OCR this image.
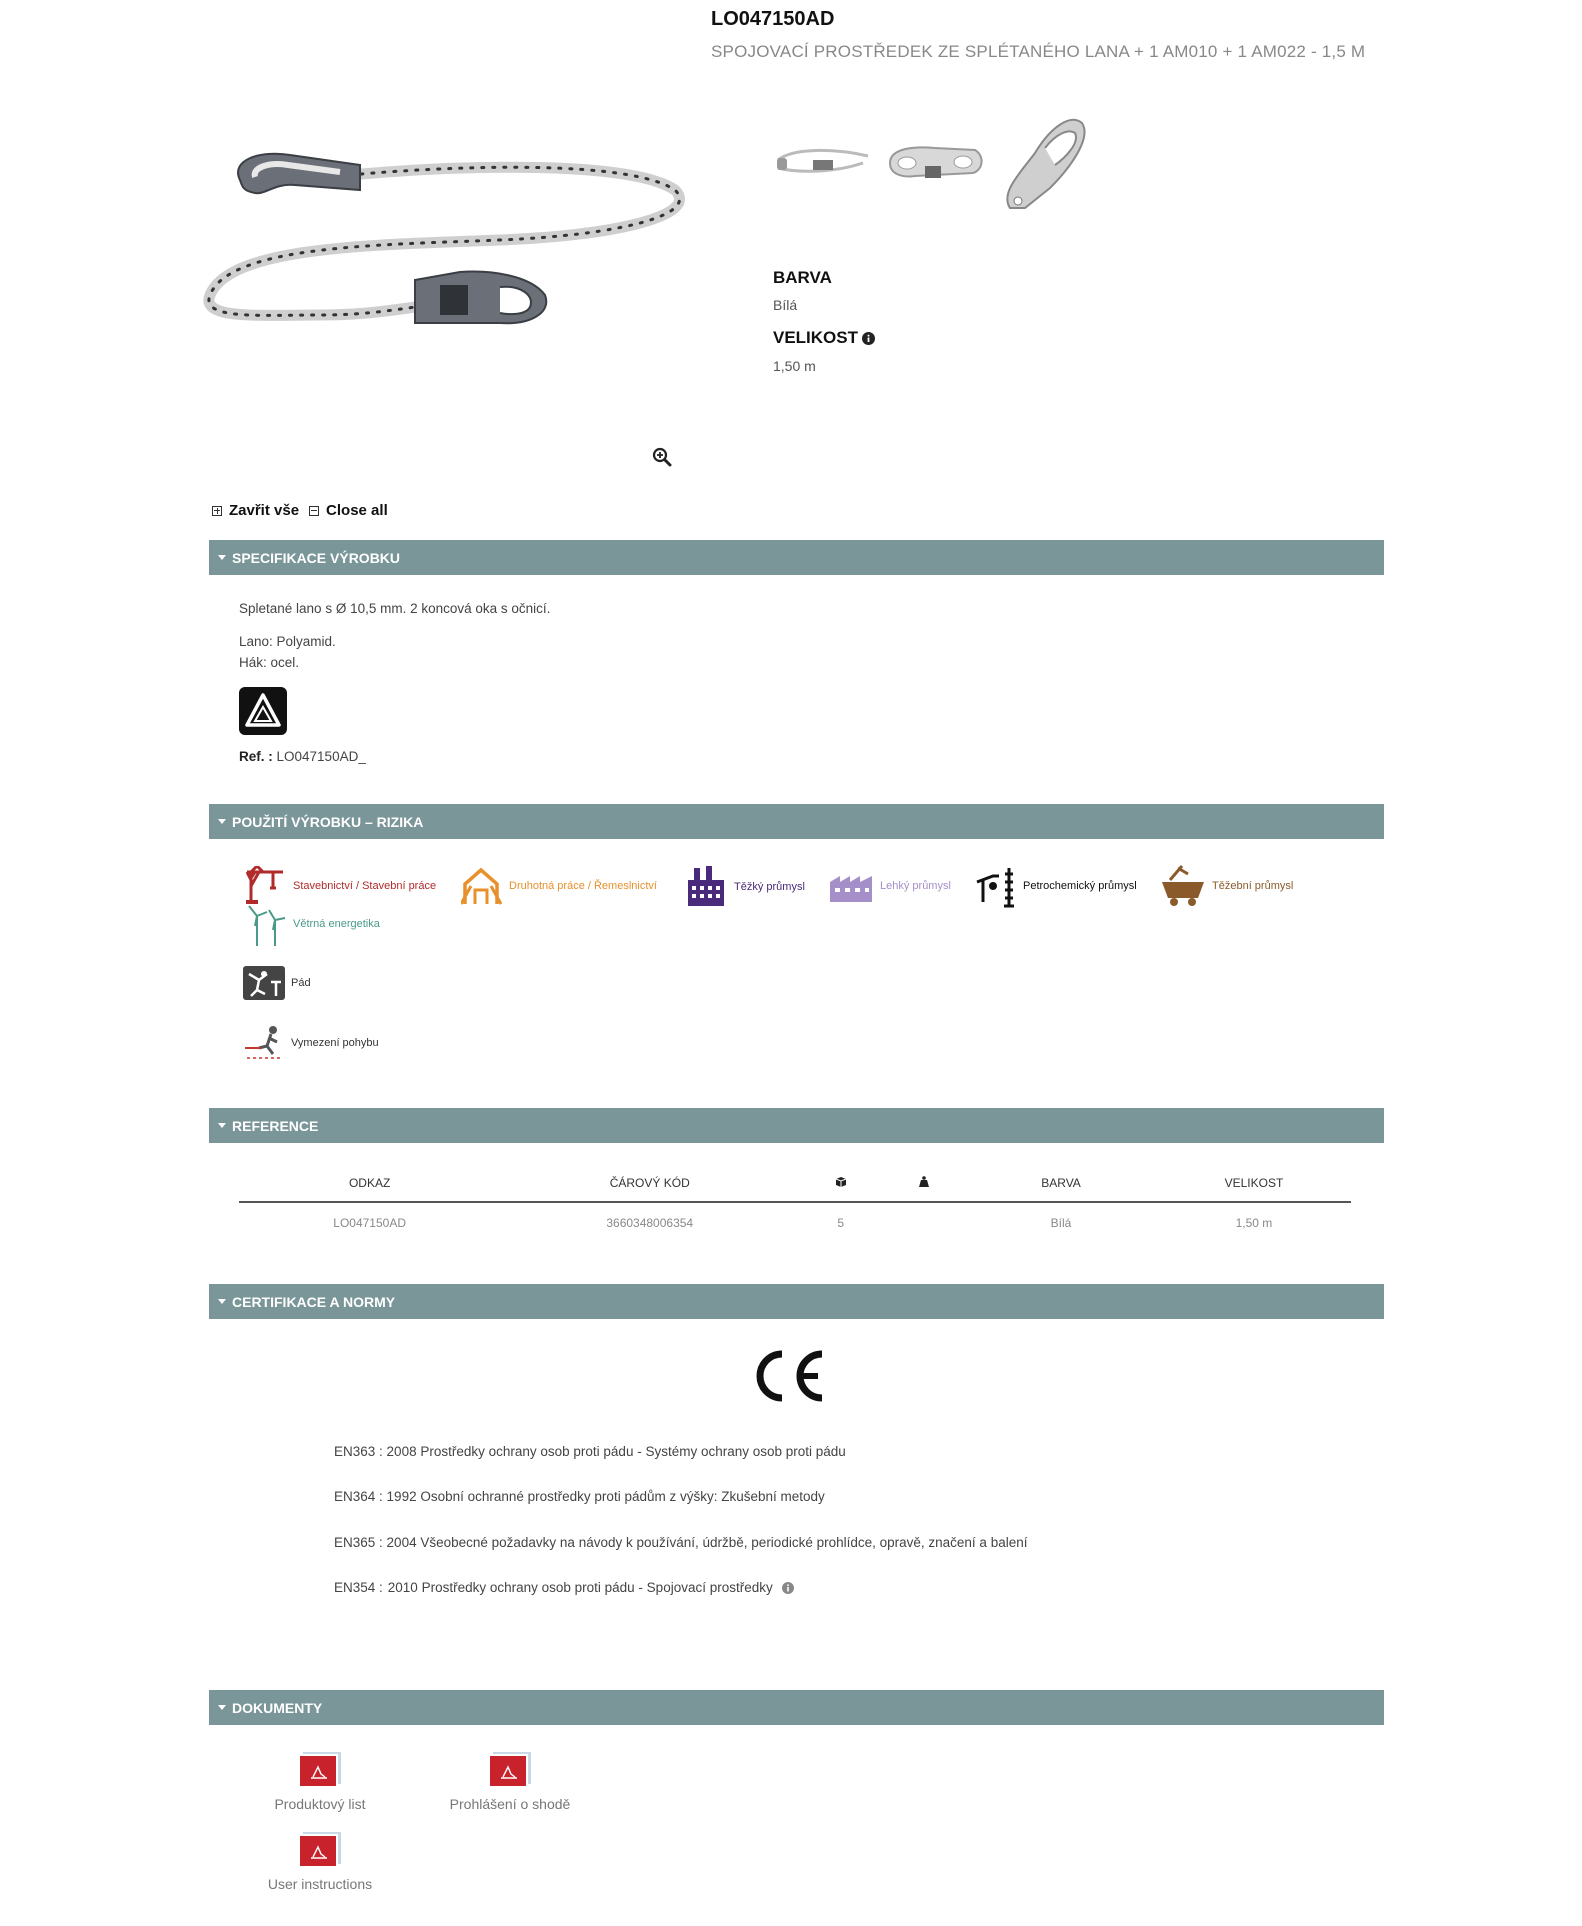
LO047150AD
SPOJOVACÍ PROSTŘEDEK ZE SPLÉTANÉHO LANA + 1 AM010 + 1 AM022 - 1,5 M
BARVA
Bílá
VELIKOST
1,50 m
Zavřit vše Close all
SPECIFIKACE VÝROBKU
Spletané lano s Ø 10,5 mm. 2 koncová oka s očnicí.
Lano: Polyamid.
Hák: ocel.
Ref. : LO047150AD_
POUŽITÍ VÝROBKU – RIZIKA
Stavebnictví / Stavební práce	Druhotná práce / Řemeslnictví	Těžký průmysl	Lehký průmysl	Petrochemický průmysl	Těžební průmysl
Větrná energetika
Pád
Vymezení pohybu
REFERENCE
ODKAZ	ČÁROVÝ KÓD			BARVA	VELIKOST
LO047150AD	3660348006354	5		Bílá	1,50 m
CERTIFIKACE A NORMY
EN363 : 2008 Prostředky ochrany osob proti pádu - Systémy ochrany osob proti pádu
EN364 : 1992 Osobní ochranné prostředky proti pádům z výšky: Zkušební metody
EN365 : 2004 Všeobecné požadavky na návody k používání, údržbě, periodické prohlídce, opravě, značení a balení
EN354 : 2010 Prostředky ochrany osob proti pádu - Spojovací prostředky
DOKUMENTY
Produktový list	Prohlášení o shodě
User instructions
